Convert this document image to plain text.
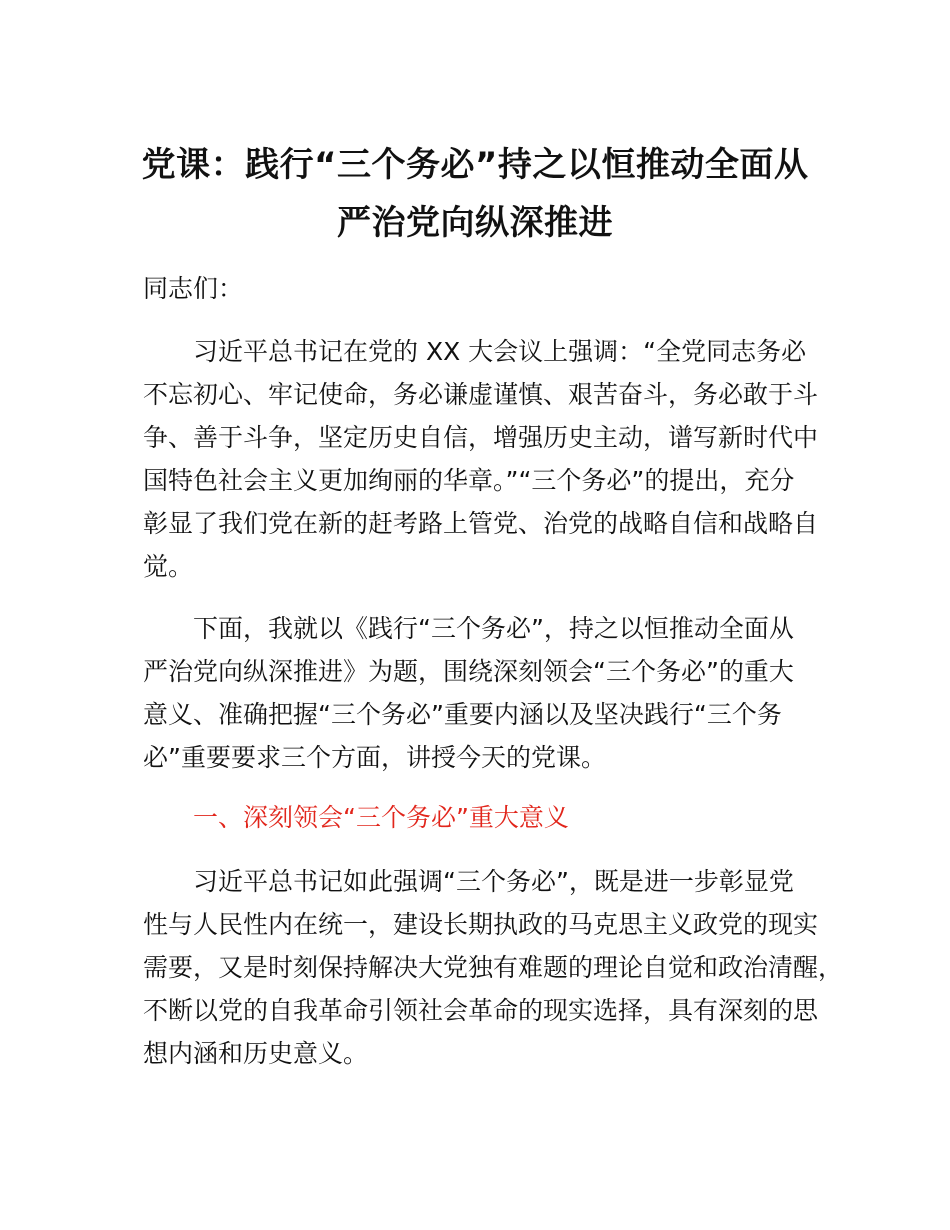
党课：践行“三个务必”持之以恒推动全面从
严治党向纵深推进
同志们：
习近平总书记在党的 XX 大会议上强调：“全党同志务必
不忘初心、牢记使命，务必谦虚谨慎、艰苦奋斗，务必敢于斗
争、善于斗争，坚定历史自信，增强历史主动，谱写新时代中
国特色社会主义更加绚丽的华章。”“三个务必”的提出，充分
彰显了我们党在新的赶考路上管党、治党的战略自信和战略自
觉。
下面，我就以《践行“三个务必”，持之以恒推动全面从
严治党向纵深推进》为题，围绕深刻领会“三个务必”的重大
意义、准确把握“三个务必”重要内涵以及坚决践行“三个务
必”重要要求三个方面，讲授今天的党课。
一、深刻领会“三个务必”重大意义
习近平总书记如此强调“三个务必”，既是进一步彰显党
性与人民性内在统一，建设长期执政的马克思主义政党的现实
需要，又是时刻保持解决大党独有难题的理论自觉和政治清醒，
不断以党的自我革命引领社会革命的现实选择，具有深刻的思
想内涵和历史意义。
